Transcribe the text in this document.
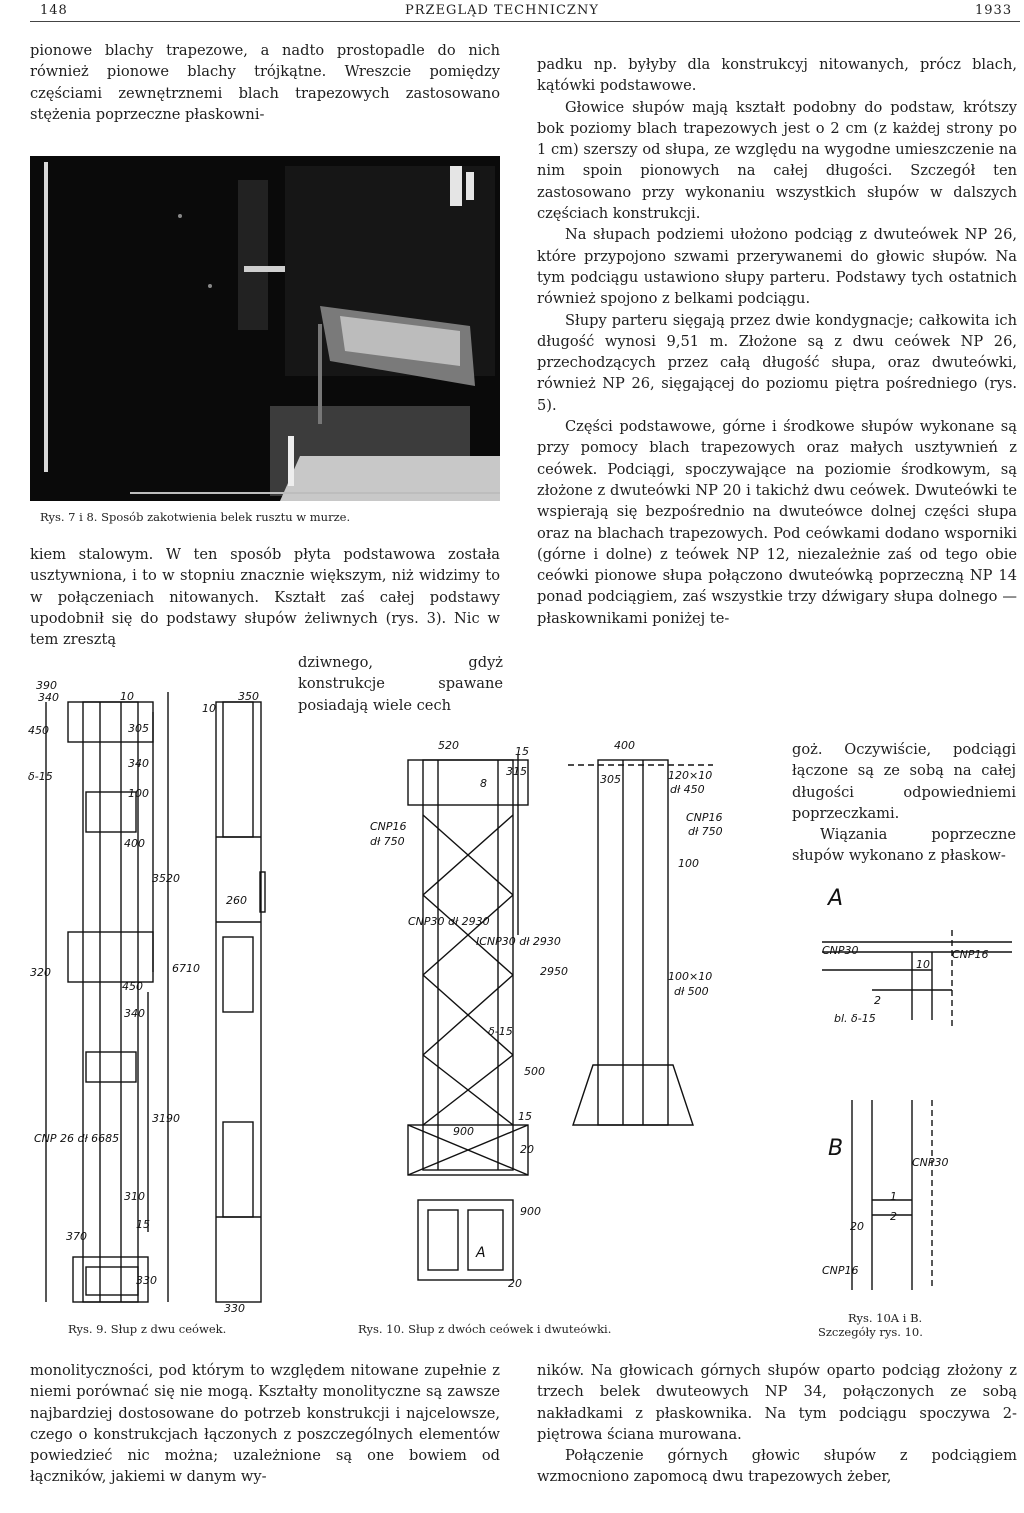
148	PRZEGLĄD TECHNICZNY	1933

pionowe blachy trapezowe, a nadto prostopadle do nich również pionowe blachy trójkątne. Wreszcie pomiędzy częściami zewnętrznemi blach trapezowych zastosowano stężenia poprzeczne płaskowni-

Rys. 7 i 8. Sposób zakotwienia belek rusztu w murze.

kiem stalowym. W ten sposób płyta podstawowa została usztywniona, i to w stopniu znacznie większym, niż widzimy to w połączeniach nitowanych. Kształt zaś całej podstawy upodobnił się do podstawy słupów żeliwnych (rys. 3). Nic w tem zresztą

dziwnego, gdyż konstrukcje spawane posiadają wiele cech

padku np. byłyby dla konstrukcyj nitowanych, prócz blach, kątówki podstawowe.

Głowice słupów mają kształt podobny do podstaw, krótszy bok poziomy blach trapezowych jest o 2 cm (z każdej strony po 1 cm) szerszy od słupa, ze względu na wygodne umieszczenie na nim spoin pionowych na całej długości. Szczegół ten zastosowano przy wykonaniu wszystkich słupów w dalszych częściach konstrukcji.

Na słupach podziemi ułożono podciąg z dwuteówek NP 26, które przypojono szwami przerywanemi do głowic słupów. Na tym podciągu ustawiono słupy parteru. Podstawy tych ostatnich również spojono z belkami podciągu.

Słupy parteru sięgają przez dwie kondygnacje; całkowita ich długość wynosi 9,51 m. Złożone są z dwu ceówek NP 26, przechodzących przez całą długość słupa, oraz dwuteówki, również NP 26, sięgającej do poziomu piętra pośredniego (rys. 5).

Części podstawowe, górne i środkowe słupów wykonane są przy pomocy blach trapezowych oraz małych usztywnień z ceówek. Podciągi, spoczywające na poziomie środkowym, są złożone z dwuteówki NP 20 i takichż dwu ceówek. Dwuteówki te wspierają się bezpośrednio na dwuteówce dolnej części słupa oraz na blachach trapezowych. Pod ceówkami dodano wsporniki (górne i dolne) z teówek NP 12, niezależnie zaś od tego obie ceówki pionowe słupa połączono dwuteówką poprzeczną NP 14 ponad podciągiem, zaś wszystkie trzy dźwigary słupa dolnego — płaskownikami poniżej te-

goż. Oczywiście, podciągi łączone są ze sobą na całej długości odpowiedniemi poprzeczkami.

Wiązania poprzeczne słupów wykonano z płaskow-

390
340	10
450
δ-15
305
340
100
400
3520
6710
320
450
340
3190
310
15
370
330
CNP 26 dł 6685
350
10
260
330
520	15
8
315
CNP16
dł 750
CNP30 dł 2930
ICNP30 dł 2930
δ-15
500
15
900
20
900
20
A
400
305	120×10
dł 450
CNP16
dł 750
100
2950	100×10
dł 500
A
CNP30	CNP16
10
2
bl. δ-15
B
CNP30
20
1
2
CNP16
Rys. 9. Słup z dwu ceówek.	Rys. 10. Słup z dwóch ceówek i dwuteówki.
Rys. 10A i B.
Szczegóły rys. 10.

monolityczności, pod którym to względem nitowane zupełnie z niemi porównać się nie mogą. Kształty monolityczne są zawsze najbardziej dostosowane do potrzeb konstrukcji i najcelowsze, czego o konstrukcjach łączonych z poszczególnych elementów powiedzieć nic można; uzależnione są one bowiem od łączników, jakiemi w danym wy-

ników. Na głowicach górnych słupów oparto podciąg złożony z trzech belek dwuteowych NP 34, połączonych ze sobą nakładkami z płaskownika. Na tym podciągu spoczywa 2-piętrowa ściana murowana.

Połączenie górnych głowic słupów z podciągiem wzmocniono zapomocą dwu trapezowych żeber,
